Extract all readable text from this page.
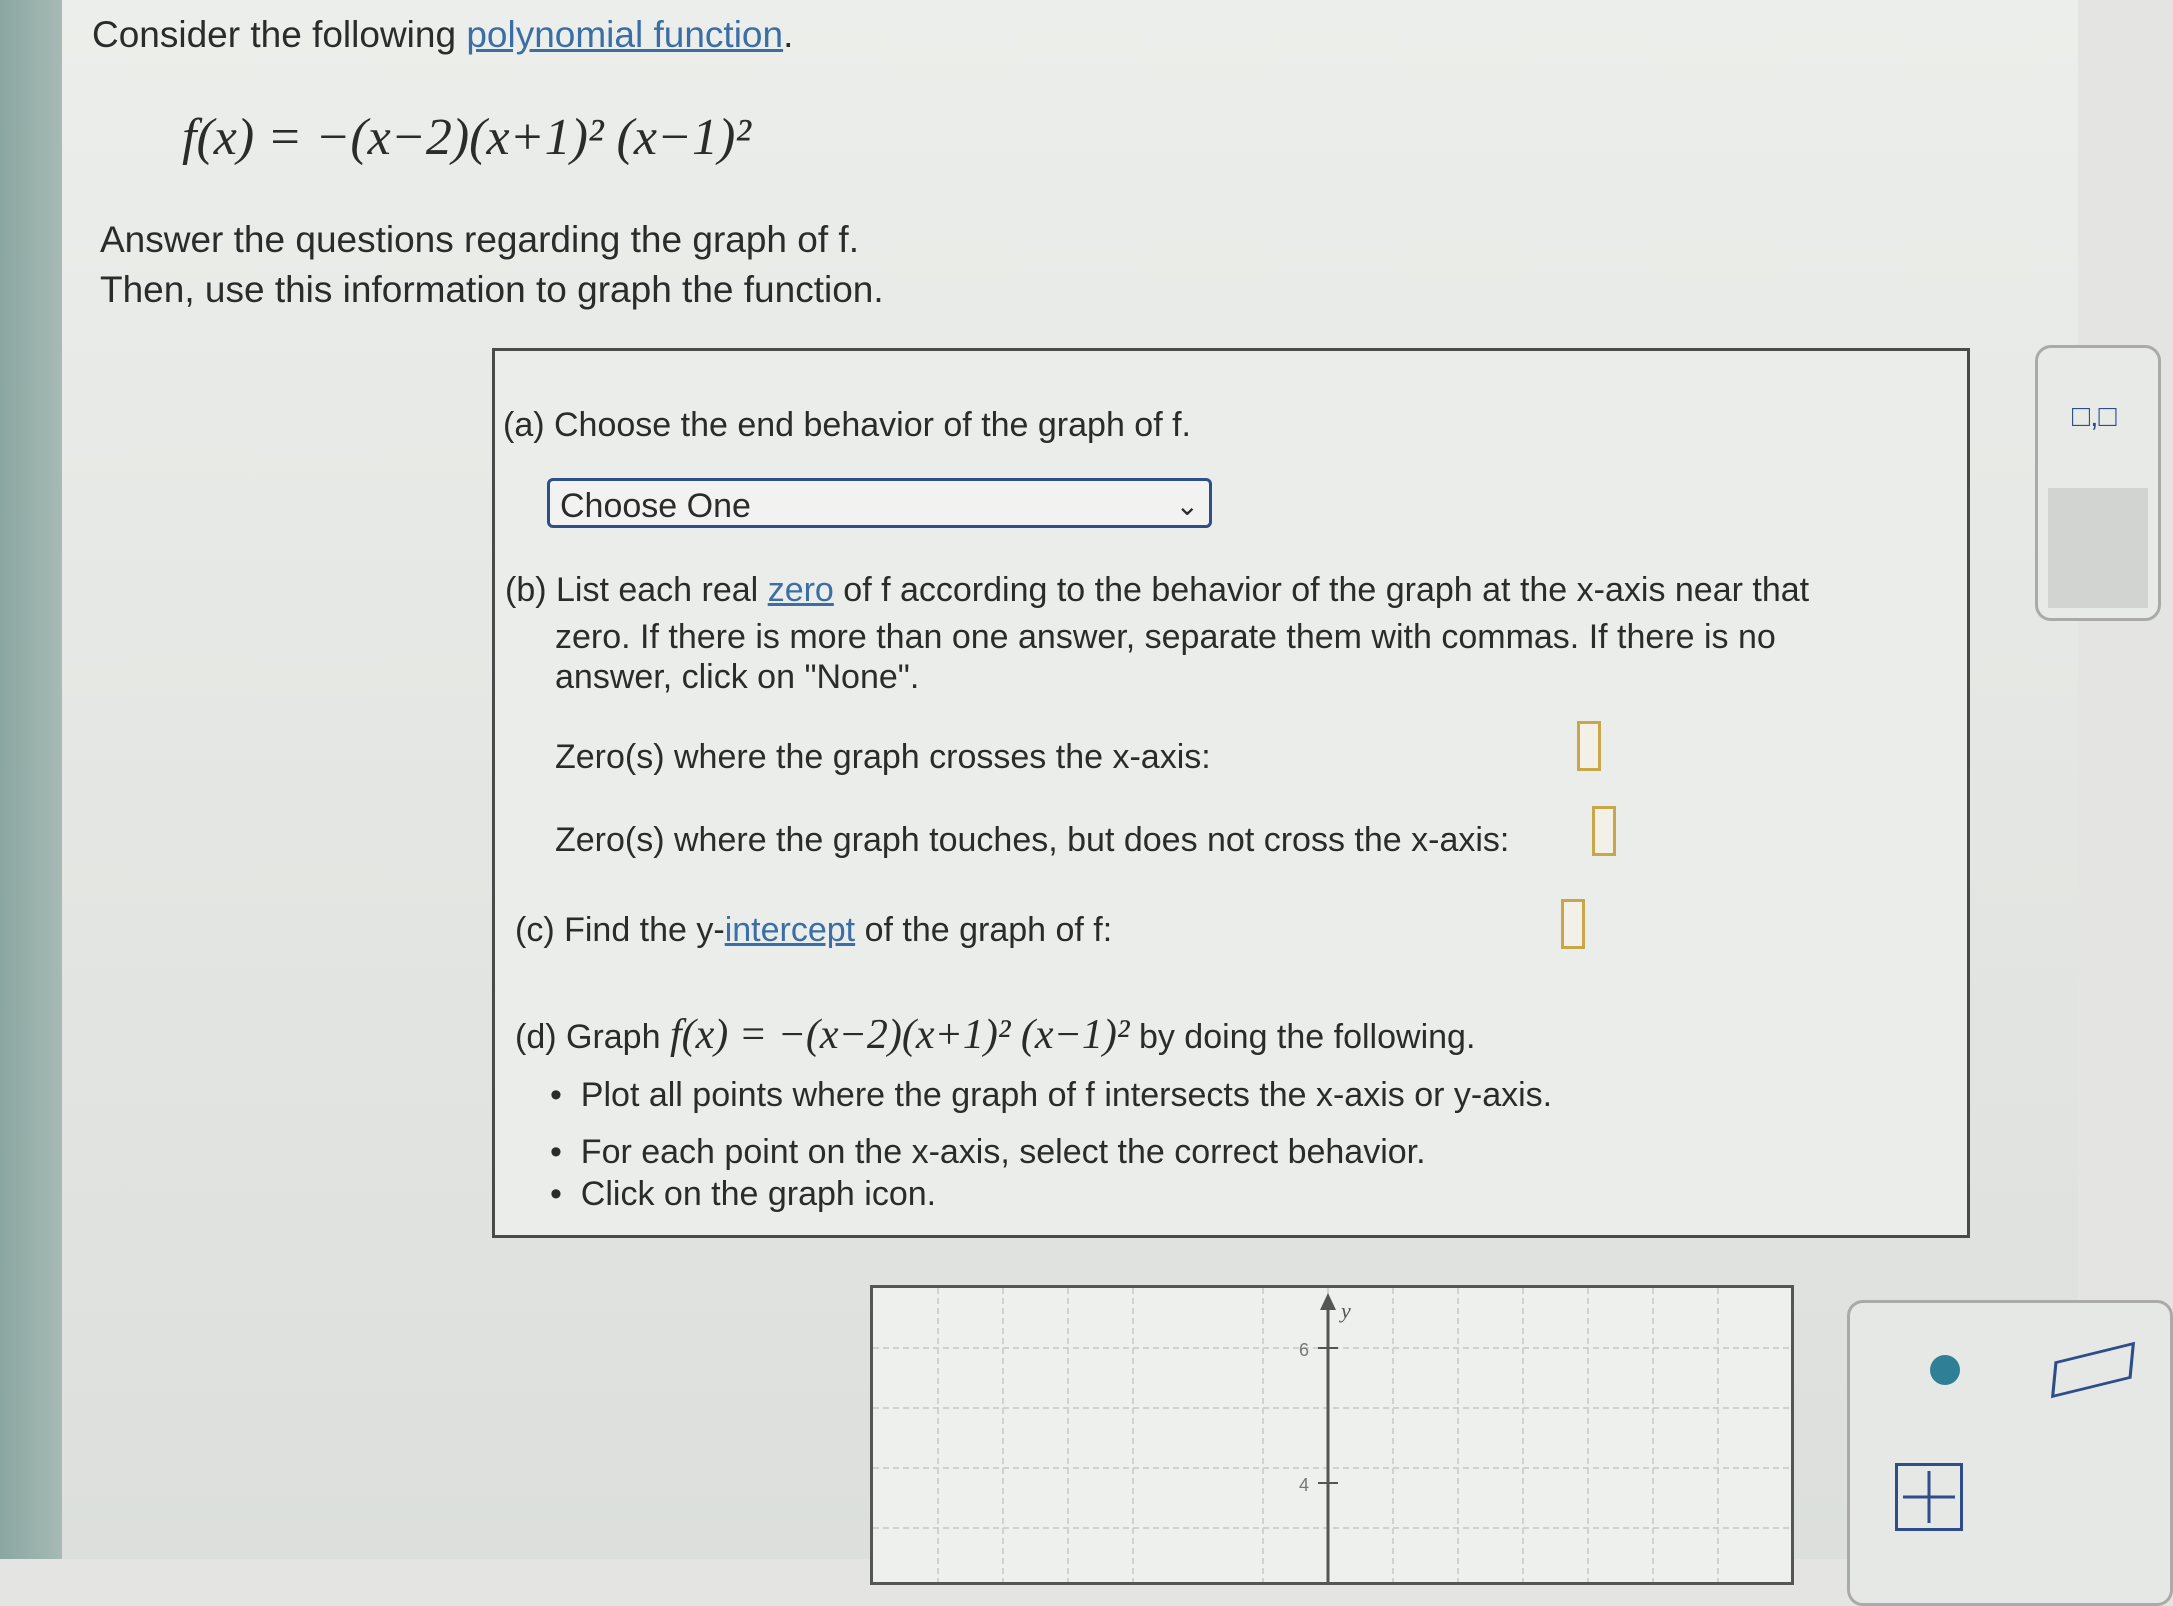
Consider the following polynomial function.
f(x) = −(x−2)(x+1)² (x−1)²
Answer the questions regarding the graph of f.
Then, use this information to graph the function.
(a) Choose the end behavior of the graph of f.
Choose One	⌄
(b) List each real zero of f according to the behavior of the graph at the x-axis near that
zero. If there is more than one answer, separate them with commas. If there is no
answer, click on "None".
Zero(s) where the graph crosses the x-axis:
Zero(s) where the graph touches, but does not cross the x-axis:
(c) Find the y-intercept of the graph of f:
(d) Graph f(x) = −(x−2)(x+1)² (x−1)² by doing the following.
•  Plot all points where the graph of f intersects the x-axis or y-axis.
•  For each point on the x-axis, select the correct behavior.
•  Click on the graph icon.
y
6
4
□,□
